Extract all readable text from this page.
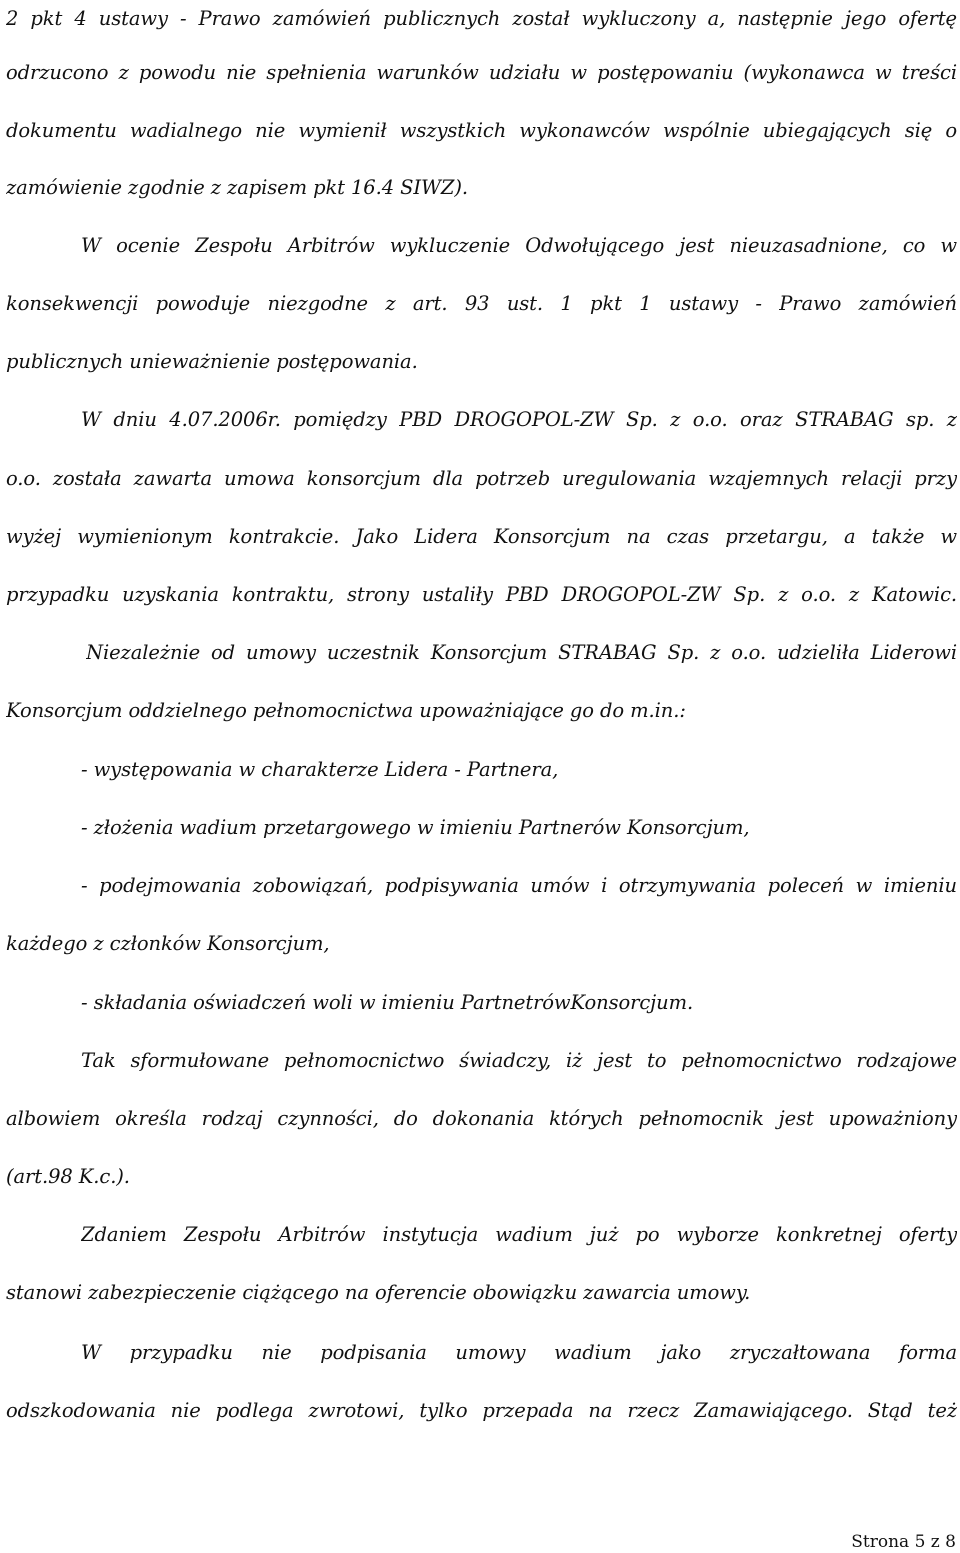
2 pkt 4 ustawy - Prawo zamówień publicznych został wykluczony a, następnie jego ofertę
odrzucono z powodu nie spełnienia warunków udziału w postępowaniu (wykonawca w treści
dokumentu wadialnego nie wymienił wszystkich wykonawców wspólnie ubiegających się o
zamówienie zgodnie z zapisem pkt 16.4 SIWZ).
W ocenie Zespołu Arbitrów wykluczenie Odwołującego jest nieuzasadnione, co w
konsekwencji powoduje niezgodne z art. 93 ust. 1 pkt 1 ustawy - Prawo zamówień
publicznych unieważnienie postępowania.
W dniu 4.07.2006r. pomiędzy PBD DROGOPOL-ZW Sp. z o.o. oraz STRABAG sp. z
o.o. została zawarta umowa konsorcjum dla potrzeb uregulowania wzajemnych relacji przy
wyżej wymienionym kontrakcie. Jako Lidera Konsorcjum na czas przetargu, a także w
przypadku uzyskania kontraktu, strony ustaliły PBD DROGOPOL-ZW Sp. z o.o. z Katowic.
Niezależnie od umowy uczestnik Konsorcjum STRABAG Sp. z o.o. udzieliła Liderowi
Konsorcjum oddzielnego pełnomocnictwa upoważniające go do m.in.:
- występowania w charakterze Lidera - Partnera,
- złożenia wadium przetargowego w imieniu Partnerów Konsorcjum,
- podejmowania zobowiązań, podpisywania umów i otrzymywania poleceń w imieniu
każdego z członków Konsorcjum,
- składania oświadczeń woli w imieniu PartnetrówKonsorcjum.
Tak sformułowane pełnomocnictwo świadczy, iż jest to pełnomocnictwo rodzajowe
albowiem określa rodzaj czynności, do dokonania których pełnomocnik jest upoważniony
(art.98 K.c.).
Zdaniem Zespołu Arbitrów instytucja wadium już po wyborze konkretnej oferty
stanowi zabezpieczenie ciążącego na oferencie obowiązku zawarcia umowy.
W przypadku nie podpisania umowy wadium jako zryczałtowana forma
odszkodowania nie podlega zwrotowi, tylko przepada na rzecz Zamawiającego. Stąd też
Strona 5 z 8
